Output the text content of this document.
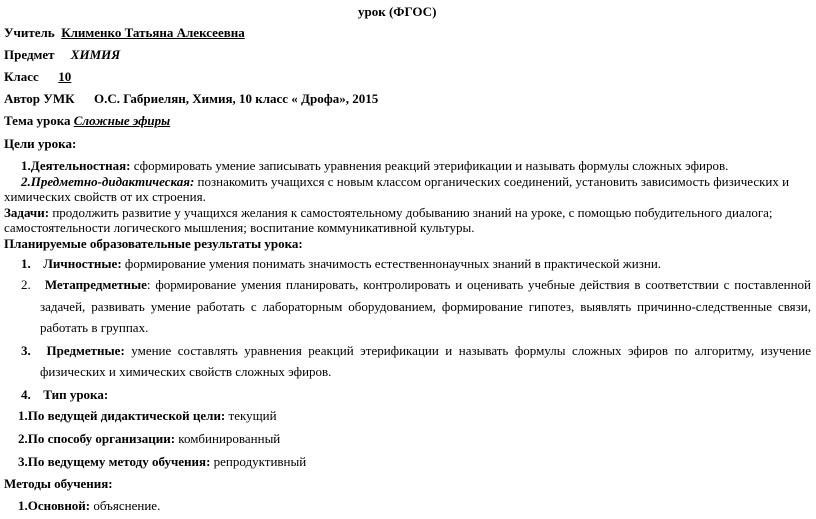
урок (ФГОС)
Учитель Клименко Татьяна Алексеевна
Предмет ХИМИЯ
Класс 10
Автор УМК О.С. Габриелян, Химия, 10 класс « Дрофа», 2015
Тема урока Сложные эфиры
Цели урока:
1.Деятельностная: сформировать умение записывать уравнения реакций этерификации и называть формулы сложных эфиров.
2.Предметно-дидактическая: познакомить учащихся с новым классом органических соединений, установить зависимость физических и
химических свойств от их строения.
Задачи: продолжить развитие у учащихся желания к самостоятельному добыванию знаний на уроке, с помощью побудительного диалога;
самостоятельности логического мышления; воспитание коммуникативной культуры.
Планируемые образовательные результаты урока:
1. Личностные: формирование умения понимать значимость естественнонаучных знаний в практической жизни.
2. Метапредметные: формирование умения планировать, контролировать и оценивать учебные действия в соответствии с поставленной
задачей, развивать умение работать с лабораторным оборудованием, формирование гипотез, выявлять причинно-следственные связи,
работать в группах.
3. Предметные: умение составлять уравнения реакций этерификации и называть формулы сложных эфиров по алгоритму, изучение
физических и химических свойств сложных эфиров.
4. Тип урока:
1.По ведущей дидактической цели: текущий
2.По способу организации: комбинированный
3.По ведущему методу обучения: репродуктивный
Методы обучения:
1.Основной: объяснение.
